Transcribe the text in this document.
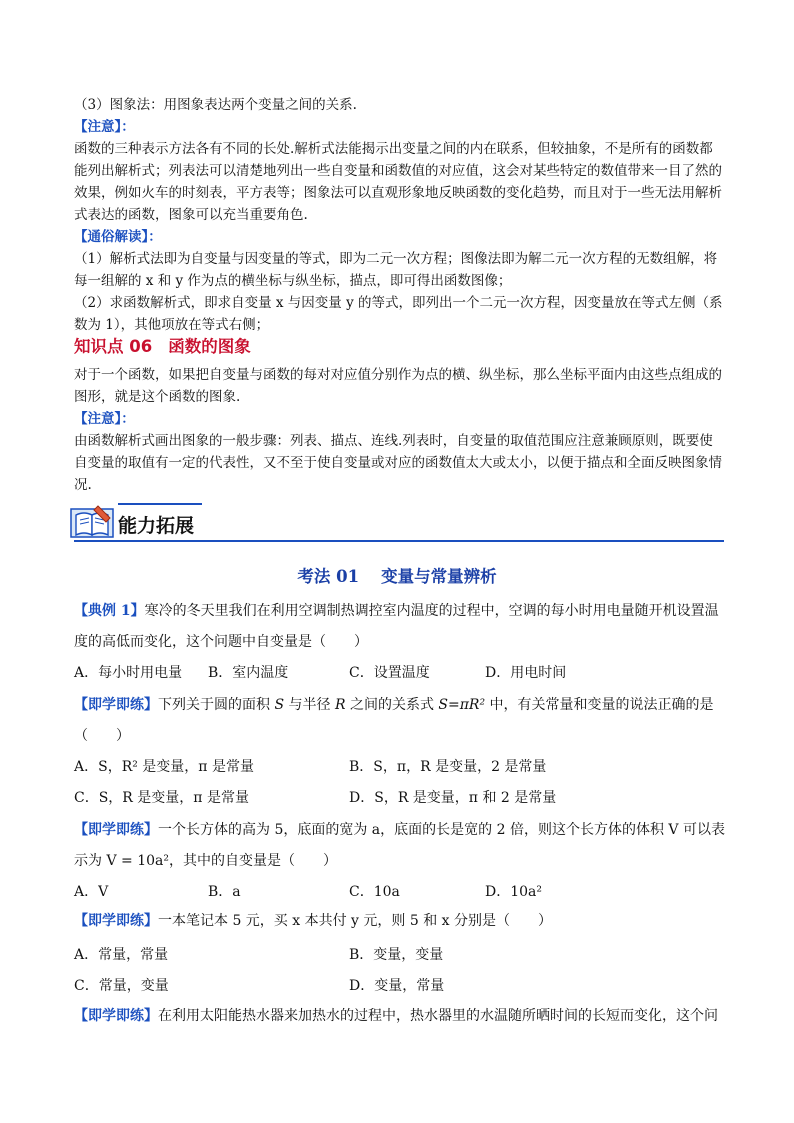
（3）图象法：用图象表达两个变量之间的关系.

【注意】：

函数的三种表示方法各有不同的长处.解析式法能揭示出变量之间的内在联系，但较抽象，不是所有的函数都能列出解析式；列表法可以清楚地列出一些自变量和函数值的对应值，这会对某些特定的数值带来一目了然的效果，例如火车的时刻表，平方表等；图象法可以直观形象地反映函数的变化趋势，而且对于一些无法用解析式表达的函数，图象可以充当重要角色.

【通俗解读】：

（1）解析式法即为自变量与因变量的等式，即为二元一次方程；图像法即为解二元一次方程的无数组解，将每一组解的 x 和 y 作为点的横坐标与纵坐标，描点，即可得出函数图像；

（2）求函数解析式，即求自变量 x 与因变量 y 的等式，即列出一个二元一次方程，因变量放在等式左侧（系数为 1），其他项放在等式右侧；

知识点 06 函数的图象

对于一个函数，如果把自变量与函数的每对对应值分别作为点的横、纵坐标，那么坐标平面内由这些点组成的图形，就是这个函数的图象.

【注意】：

由函数解析式画出图象的一般步骤：列表、描点、连线.列表时，自变量的取值范围应注意兼顾原则，既要使自变量的取值有一定的代表性，又不至于使自变量或对应的函数值太大或太小，以便于描点和全面反映图象情况.

能力拓展
考法 01 变量与常量辨析

【典例 1】寒冷的冬天里我们在利用空调制热调控室内温度的过程中，空调的每小时用电量随开机设置温度的高低而变化，这个问题中自变量是（　　）

A．每小时用电量 B．室内温度	C．设置温度	D．用电时间

【即学即练】下列关于圆的面积 S 与半径 R 之间的关系式 S=πR² 中，有关常量和变量的说法正确的是
（　　）

A．S，R² 是变量，π 是常量	B．S，π，R 是变量，2 是常量
C．S，R 是变量，π 是常量	D．S，R 是变量，π 和 2 是常量

【即学即练】一个长方体的高为 5，底面的宽为 a，底面的长是宽的 2 倍，则这个长方体的体积 V 可以表示为 V = 10a²，其中的自变量是（　　）

A．V	B．a	C．10a	D．10a²

【即学即练】一本笔记本 5 元，买 x 本共付 y 元，则 5 和 x 分别是（　　）

A．常量，常量	B．变量，变量
C．常量，变量	D．变量，常量

【即学即练】在利用太阳能热水器来加热水的过程中，热水器里的水温随所晒时间的长短而变化，这个问
